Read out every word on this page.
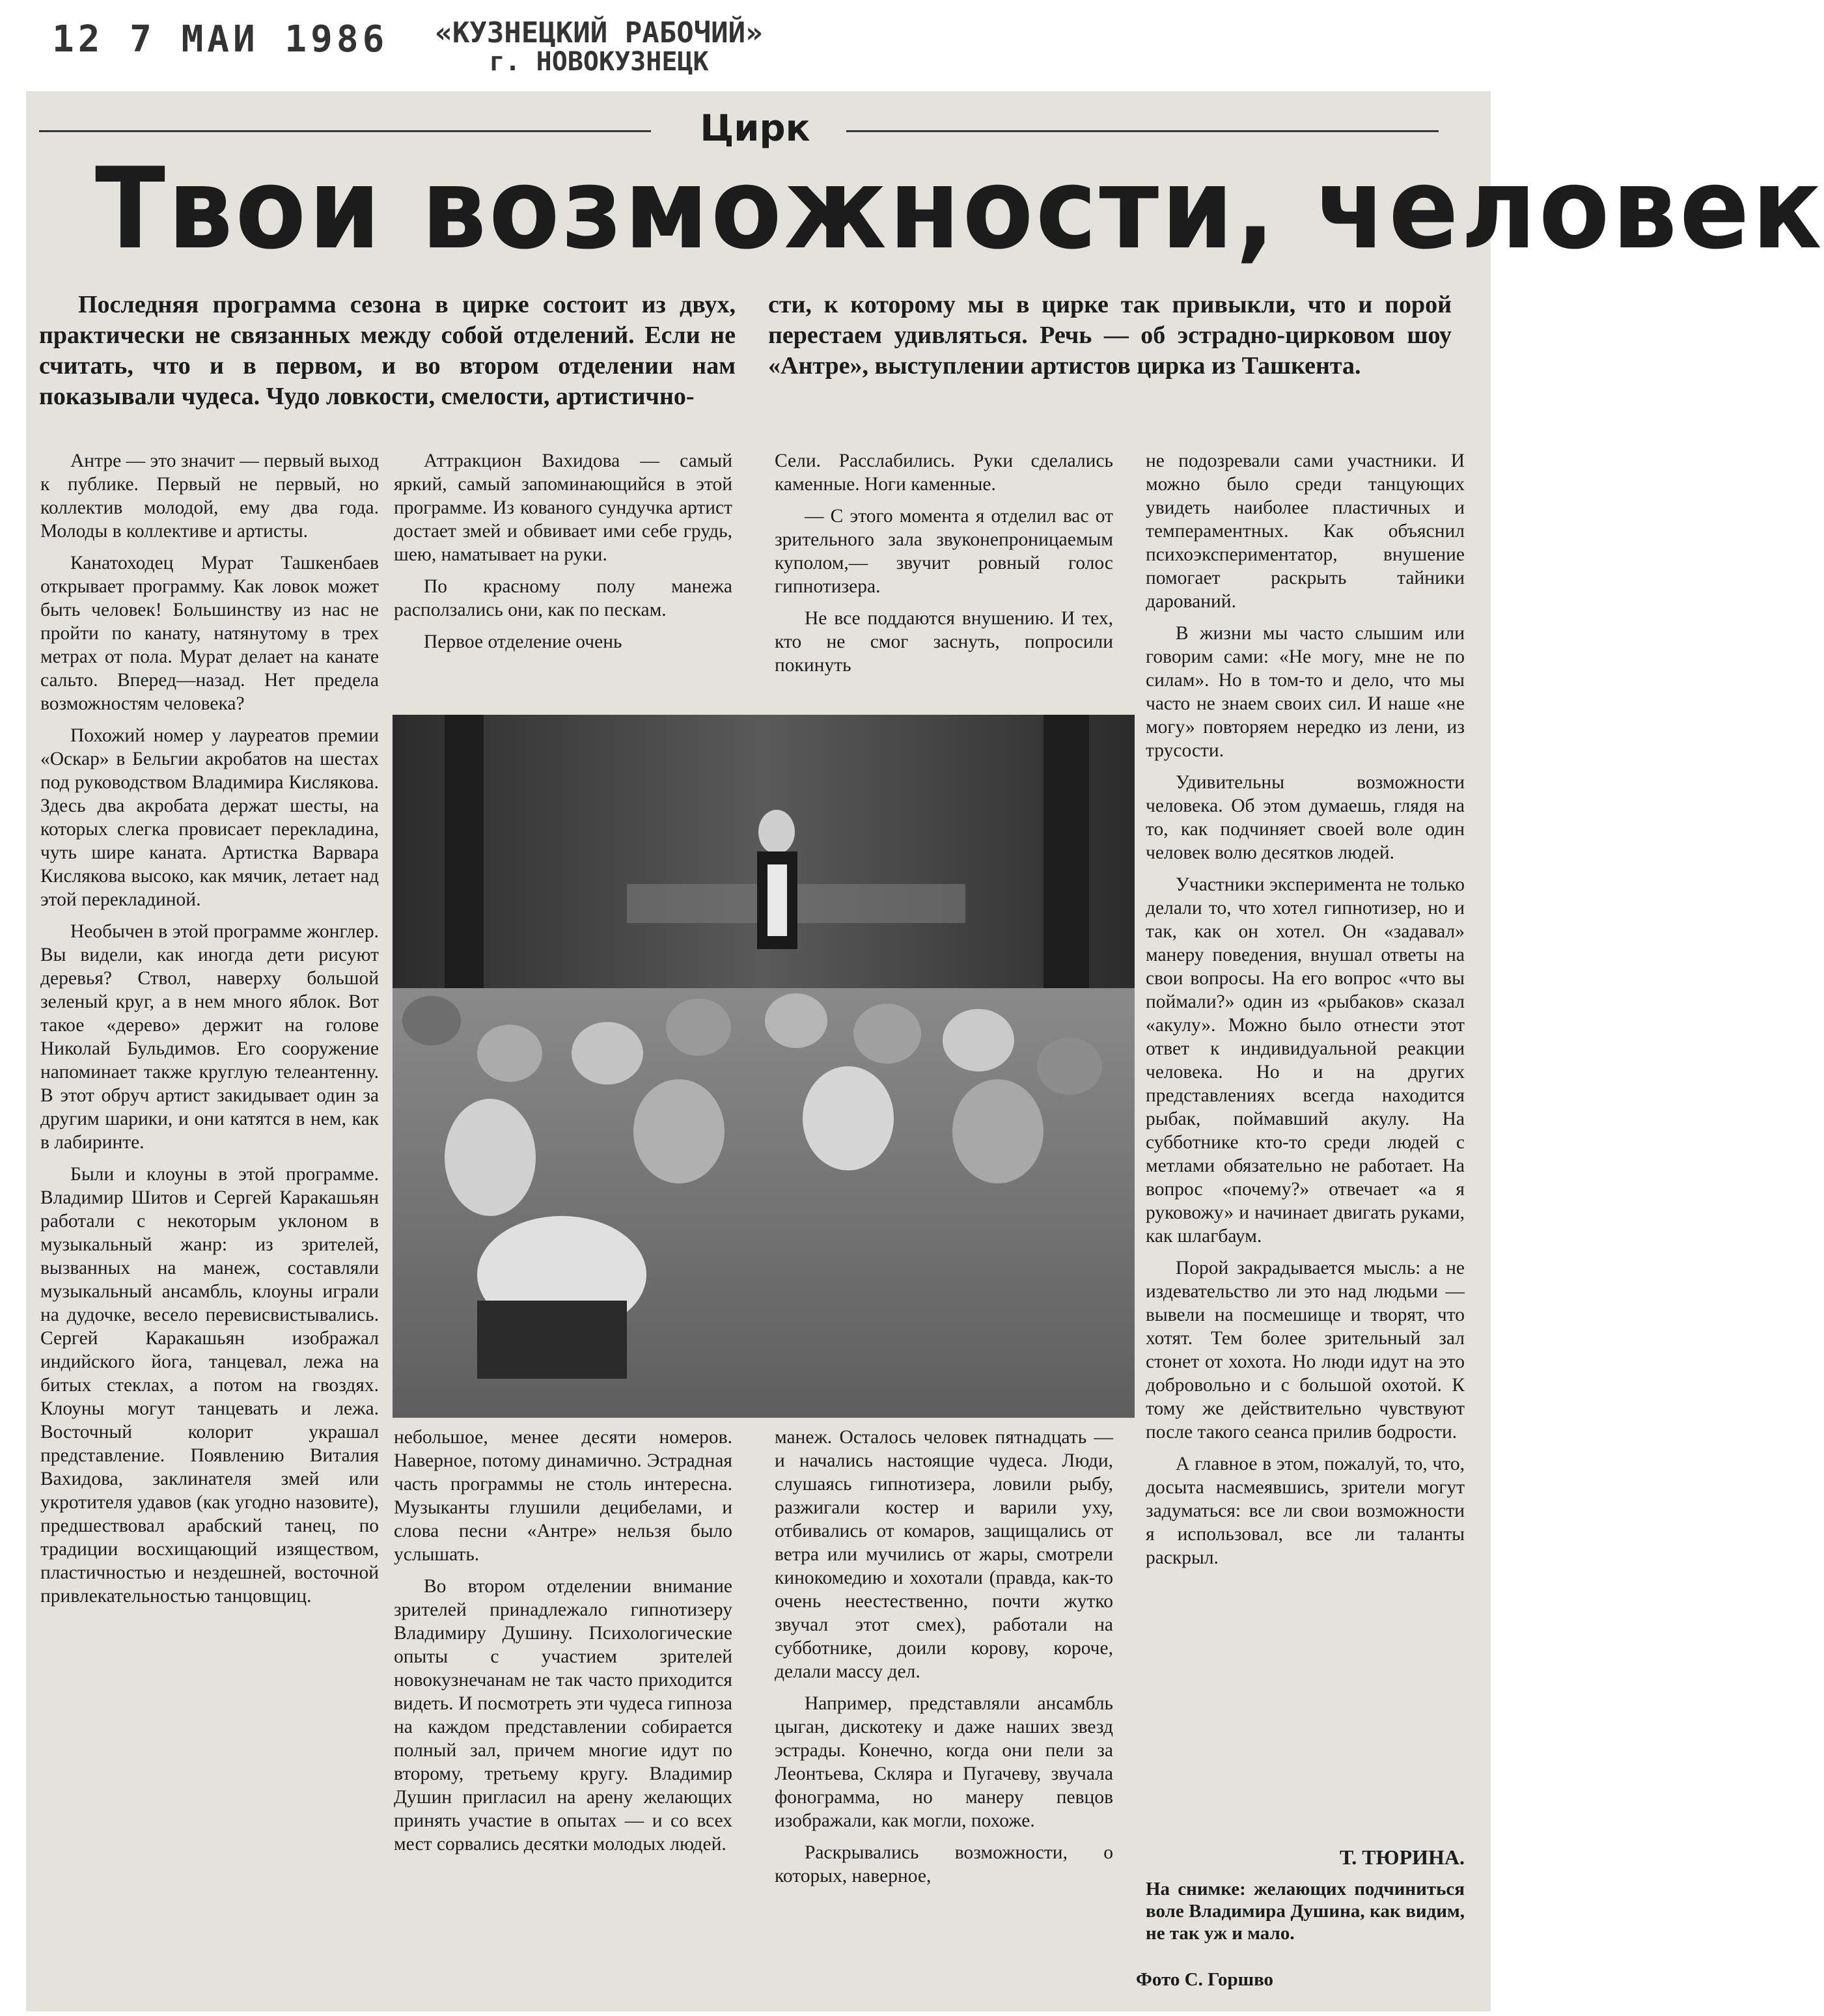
12 7 МАИ 1986 «КУЗНЕЦКИЙ РАБОЧИЙ»
г. НОВОКУЗНЕЦК
Цирк
Твои возможности, человек
Последняя программа сезона в цирке состоит из двух, практически не связанных между собой отделений. Если не считать, что и в первом, и во втором отделении нам показывали чудеса. Чудо ловкости, смелости, артистично-
сти, к которому мы в цирке так привыкли, что и порой перестаем удивляться. Речь — об эстрадно-цирковом шоу «Антре», выступлении артистов цирка из Ташкента.

Антре — это значит — первый выход к публике. Первый не первый, но коллектив молодой, ему два года. Молоды в коллективе и артисты.

Канатоходец Мурат Ташкенбаев открывает программу. Как ловок может быть человек! Большинству из нас не пройти по канату, натянутому в трех метрах от пола. Мурат делает на канате сальто. Вперед—назад. Нет предела возможностям человека?

Похожий номер у лауреатов премии «Оскар» в Бельгии акробатов на шестах под руководством Владимира Кислякова. Здесь два акробата держат шесты, на которых слегка провисает перекладина, чуть шире каната. Артистка Варвара Кислякова высоко, как мячик, летает над этой перекладиной.

Необычен в этой программе жонглер. Вы видели, как иногда дети рисуют деревья? Ствол, наверху большой зеленый круг, а в нем много яблок. Вот такое «дерево» держит на голове Николай Бульдимов. Его сооружение напоминает также круглую телеантенну. В этот обруч артист закидывает один за другим шарики, и они катятся в нем, как в лабиринте.

Были и клоуны в этой программе. Владимир Шитов и Сергей Каракашьян работали с некоторым уклоном в музыкальный жанр: из зрителей, вызванных на манеж, составляли музыкальный ансамбль, клоуны играли на дудочке, весело перевисвистывались. Сергей Каракашьян изображал индийского йога, танцевал, лежа на битых стеклах, а потом на гвоздях. Клоуны могут танцевать и лежа. Восточный колорит украшал представление. Появлению Виталия Вахидова, заклинателя змей или укротителя удавов (как угодно назовите), предшествовал арабский танец, по традиции восхищающий изяществом, пластичностью и нездешней, восточной привлекательностью танцовщиц.

Аттракцион Вахидова — самый яркий, самый запоминающийся в этой программе. Из кованого сундучка артист достает змей и обвивает ими себе грудь, шею, наматывает на руки.

По красному полу манежа расползались они, как по пескам.

Первое отделение очень

Сели. Расслабились. Руки сделались каменные. Ноги каменные.

— С этого момента я отделил вас от зрительного зала звуконепроницаемым куполом,— звучит ровный голос гипнотизера.

Не все поддаются внушению. И тех, кто не смог заснуть, попросили покинуть

небольшое, менее десяти номеров. Наверное, потому динамично. Эстрадная часть программы не столь интересна. Музыканты глушили децибелами, и слова песни «Антре» нельзя было услышать.

Во втором отделении внимание зрителей принадлежало гипнотизеру Владимиру Душину. Психологические опыты с участием зрителей новокузнечанам не так часто приходится видеть. И посмотреть эти чудеса гипноза на каждом представлении собирается полный зал, причем многие идут по второму, третьему кругу. Владимир Душин пригласил на арену желающих принять участие в опытах — и со всех мест сорвались десятки молодых людей.

манеж. Осталось человек пятнадцать — и начались настоящие чудеса. Люди, слушаясь гипнотизера, ловили рыбу, разжигали костер и варили уху, отбивались от комаров, защищались от ветра или мучились от жары, смотрели кинокомедию и хохотали (правда, как-то очень неестественно, почти жутко звучал этот смех), работали на субботнике, доили корову, короче, делали массу дел.

Например, представляли ансамбль цыган, дискотеку и даже наших звезд эстрады. Конечно, когда они пели за Леонтьева, Скляра и Пугачеву, звучала фонограмма, но манеру певцов изображали, как могли, похоже.

Раскрывались возможности, о которых, наверное,

не подозревали сами участники. И можно было среди танцующих увидеть наиболее пластичных и темпераментных. Как объяснил психоэкспериментатор, внушение помогает раскрыть тайники дарований.

В жизни мы часто слышим или говорим сами: «Не могу, мне не по силам». Но в том-то и дело, что мы часто не знаем своих сил. И наше «не могу» повторяем нередко из лени, из трусости.

Удивительны возможности человека. Об этом думаешь, глядя на то, как подчиняет своей воле один человек волю десятков людей.

Участники эксперимента не только делали то, что хотел гипнотизер, но и так, как он хотел. Он «задавал» манеру поведения, внушал ответы на свои вопросы. На его вопрос «что вы поймали?» один из «рыбаков» сказал «акулу». Можно было отнести этот ответ к индивидуальной реакции человека. Но и на других представлениях всегда находится рыбак, поймавший акулу. На субботнике кто-то среди людей с метлами обязательно не работает. На вопрос «почему?» отвечает «а я руковожу» и начинает двигать руками, как шлагбаум.

Порой закрадывается мысль: а не издевательство ли это над людьми — вывели на посмешище и творят, что хотят. Тем более зрительный зал стонет от хохота. Но люди идут на это добровольно и с большой охотой. К тому же действительно чувствуют после такого сеанса прилив бодрости.

А главное в этом, пожалуй, то, что, досыта насмеявшись, зрители могут задуматься: все ли свои возможности я использовал, все ли таланты раскрыл.

Т. ТЮРИНА.
На снимке: желающих подчиниться воле Владимира Душина, как видим, не так уж и мало.
Фото С. Горшво
